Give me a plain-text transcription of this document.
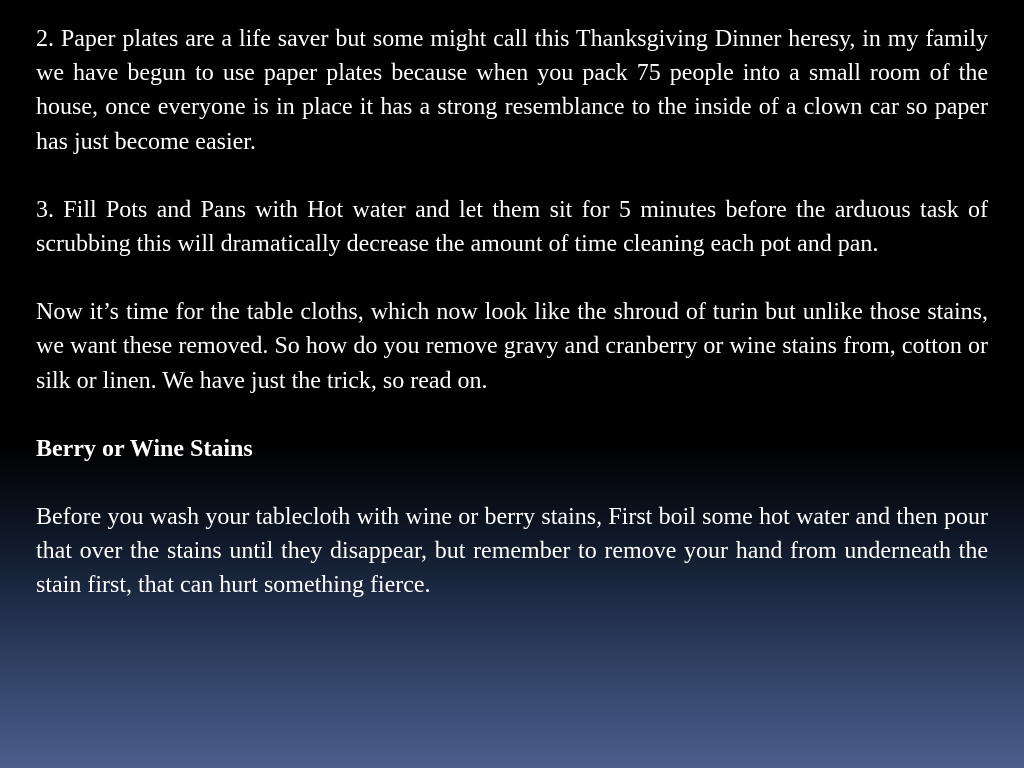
2. Paper plates are a life saver but some might call this Thanksgiving Dinner heresy, in my family we have begun to use paper plates because when you pack 75 people into a small room of the house, once everyone is in place it has a strong resemblance to the inside of a clown car so paper has just become easier.

3. Fill Pots and Pans with Hot water and let them sit for 5 minutes before the arduous task of scrubbing this will dramatically decrease the amount of time cleaning each pot and pan.

Now it’s time for the table cloths, which now look like the shroud of turin but unlike those stains, we want these removed. So how do you remove gravy and cranberry or wine stains from, cotton or silk or linen. We have just the trick, so read on.

Berry or Wine Stains

Before you wash your tablecloth with wine or berry stains, First boil some hot water and then pour that over the stains until they disappear, but remember to remove your hand from underneath the stain first, that can hurt something fierce.
